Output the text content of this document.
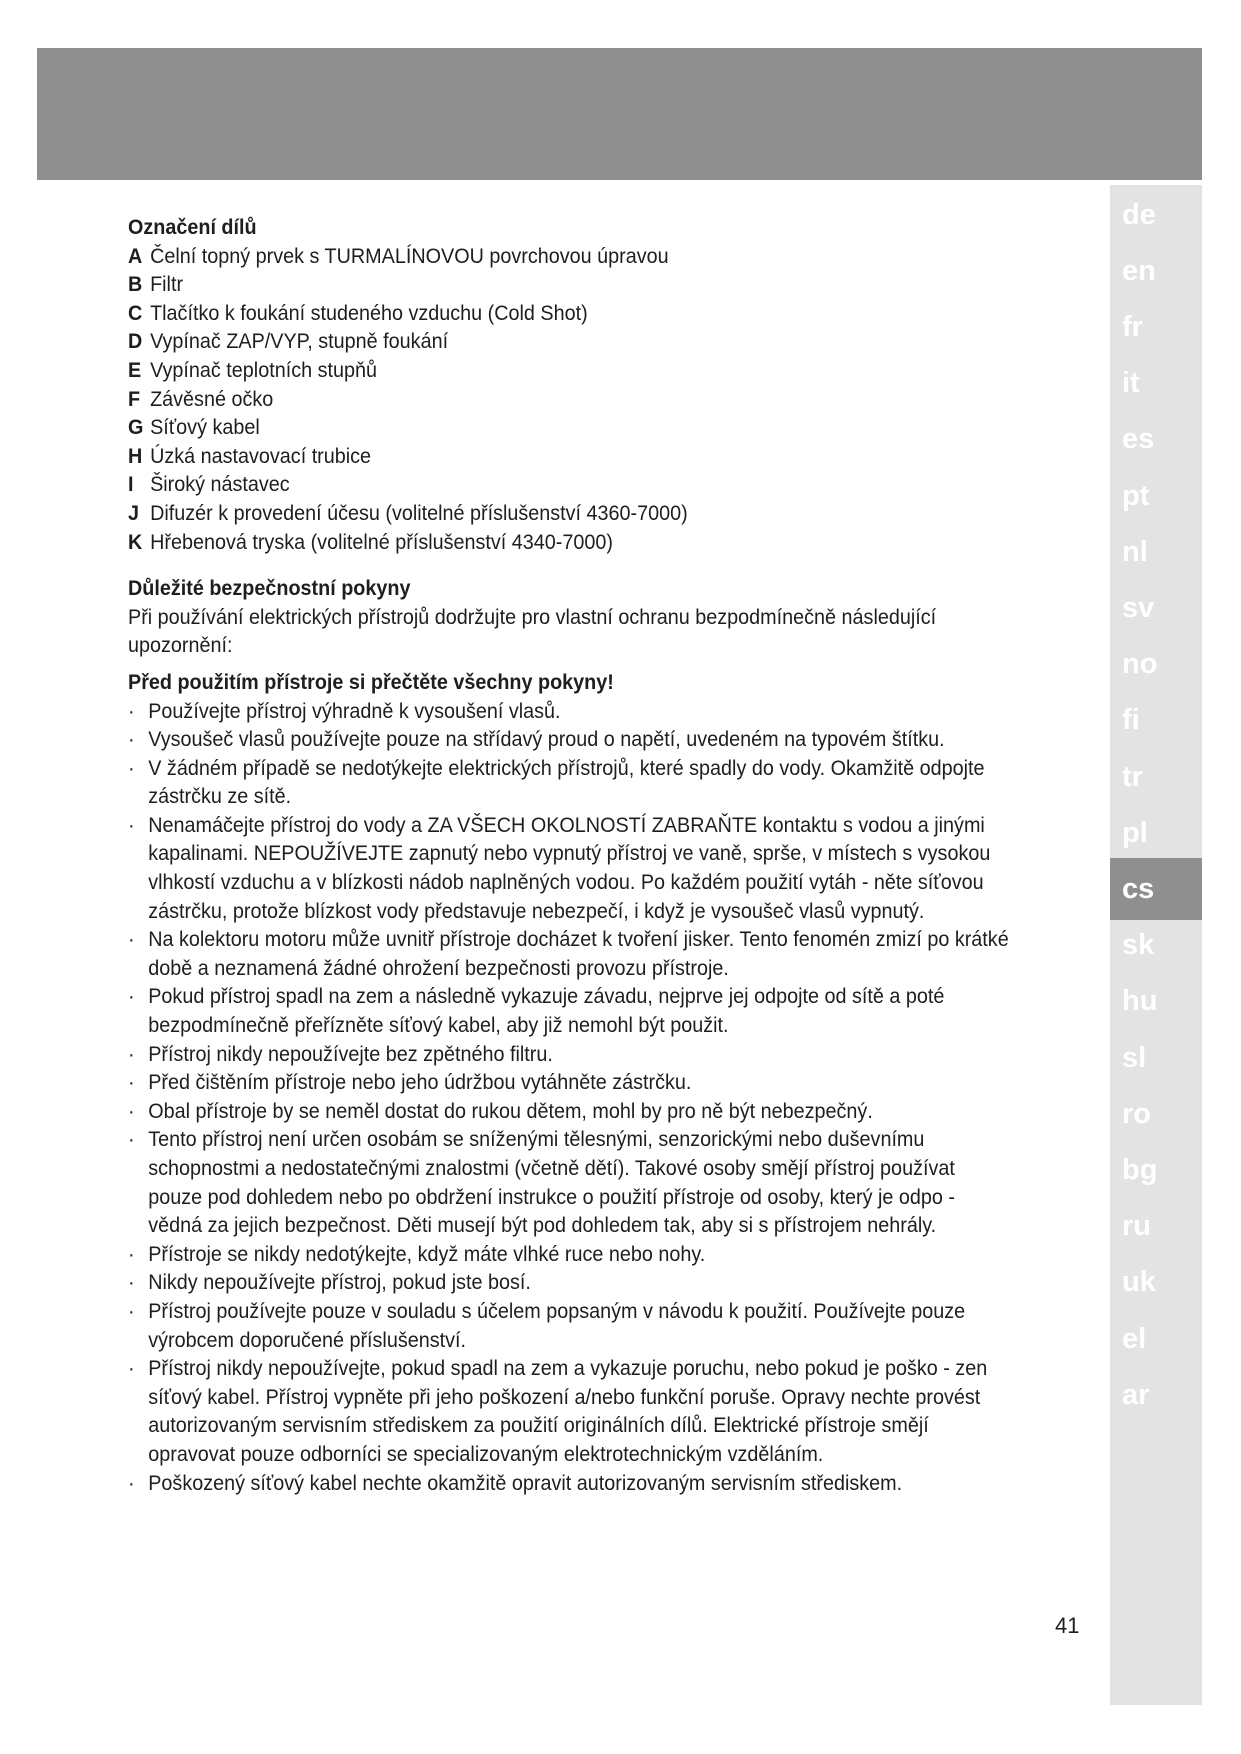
Označení dílů
A Čelní topný prvek s TURMALÍNOVOU povrchovou úpravou
B Filtr
C Tlačítko k foukání studeného vzduchu (Cold Shot)
D Vypínač ZAP/VYP, stupně foukání
E Vypínač teplotních stupňů
F Závěsné očko
G Síťový kabel
H Úzká nastavovací trubice
I Široký nástavec
J Difuzér k provedení účesu (volitelné příslušenství 4360-7000)
K Hřebenová tryska (volitelné příslušenství 4340-7000)
Důležité bezpečnostní pokyny
Při používání elektrických přístrojů dodržujte pro vlastní ochranu bezpodmínečně následující upozornění:
Před použitím přístroje si přečtěte všechny pokyny!
· Používejte přístroj výhradně k vysoušení vlasů.
· Vysoušeč vlasů používejte pouze na střídavý proud o napětí, uvedeném na typovém štítku.
· V žádném případě se nedotýkejte elektrických přístrojů, které spadly do vody. Okamžitě odpojte zástrčku ze sítě.
· Nenamáčejte přístroj do vody a ZA VŠECH OKOLNOSTÍ ZABRAŇTE kontaktu s vodou a jinými kapalinami. NEPOUŽÍVEJTE zapnutý nebo vypnutý přístroj ve vaně, sprše, v místech s vysokou vlhkostí vzduchu a v blízkosti nádob naplněných vodou. Po každém použití vytáh - něte síťovou zástrčku, protože blízkost vody představuje nebezpečí, i když je vysoušeč vlasů vypnutý.
· Na kolektoru motoru může uvnitř přístroje docházet k tvoření jisker. Tento fenomén zmizí po krátké době a neznamená žádné ohrožení bezpečnosti provozu přístroje.
· Pokud přístroj spadl na zem a následně vykazuje závadu, nejprve jej odpojte od sítě a poté bezpodmínečně přeřízněte síťový kabel, aby již nemohl být použit.
· Přístroj nikdy nepoužívejte bez zpětného filtru.
· Před čištěním přístroje nebo jeho údržbou vytáhněte zástrčku.
· Obal přístroje by se neměl dostat do rukou dětem, mohl by pro ně být nebezpečný.
· Tento přístroj není určen osobám se sníženými tělesnými, senzorickými nebo duševnímu schopnostmi a nedostatečnými znalostmi (včetně dětí). Takové osoby smějí přístroj používat pouze pod dohledem nebo po obdržení instrukce o použití přístroje od osoby, který je odpo - vědná za jejich bezpečnost. Děti musejí být pod dohledem tak, aby si s přístrojem nehrály.
· Přístroje se nikdy nedotýkejte, když máte vlhké ruce nebo nohy.
· Nikdy nepoužívejte přístroj, pokud jste bosí.
· Přístroj používejte pouze v souladu s účelem popsaným v návodu k použití. Používejte pouze výrobcem doporučené příslušenství.
· Přístroj nikdy nepoužívejte, pokud spadl na zem a vykazuje poruchu, nebo pokud je poško - zen síťový kabel. Přístroj vypněte při jeho poškození a/nebo funkční poruše. Opravy nechte provést autorizovaným servisním střediskem za použití originálních dílů. Elektrické přístroje smějí opravovat pouze odborníci se specializovaným elektrotechnickým vzděláním.
· Poškozený síťový kabel nechte okamžitě opravit autorizovaným servisním střediskem.
de
en
fr
it
es
pt
nl
sv
no
fi
tr
pl
cs
sk
hu
sl
ro
bg
ru
uk
el
ar
41
